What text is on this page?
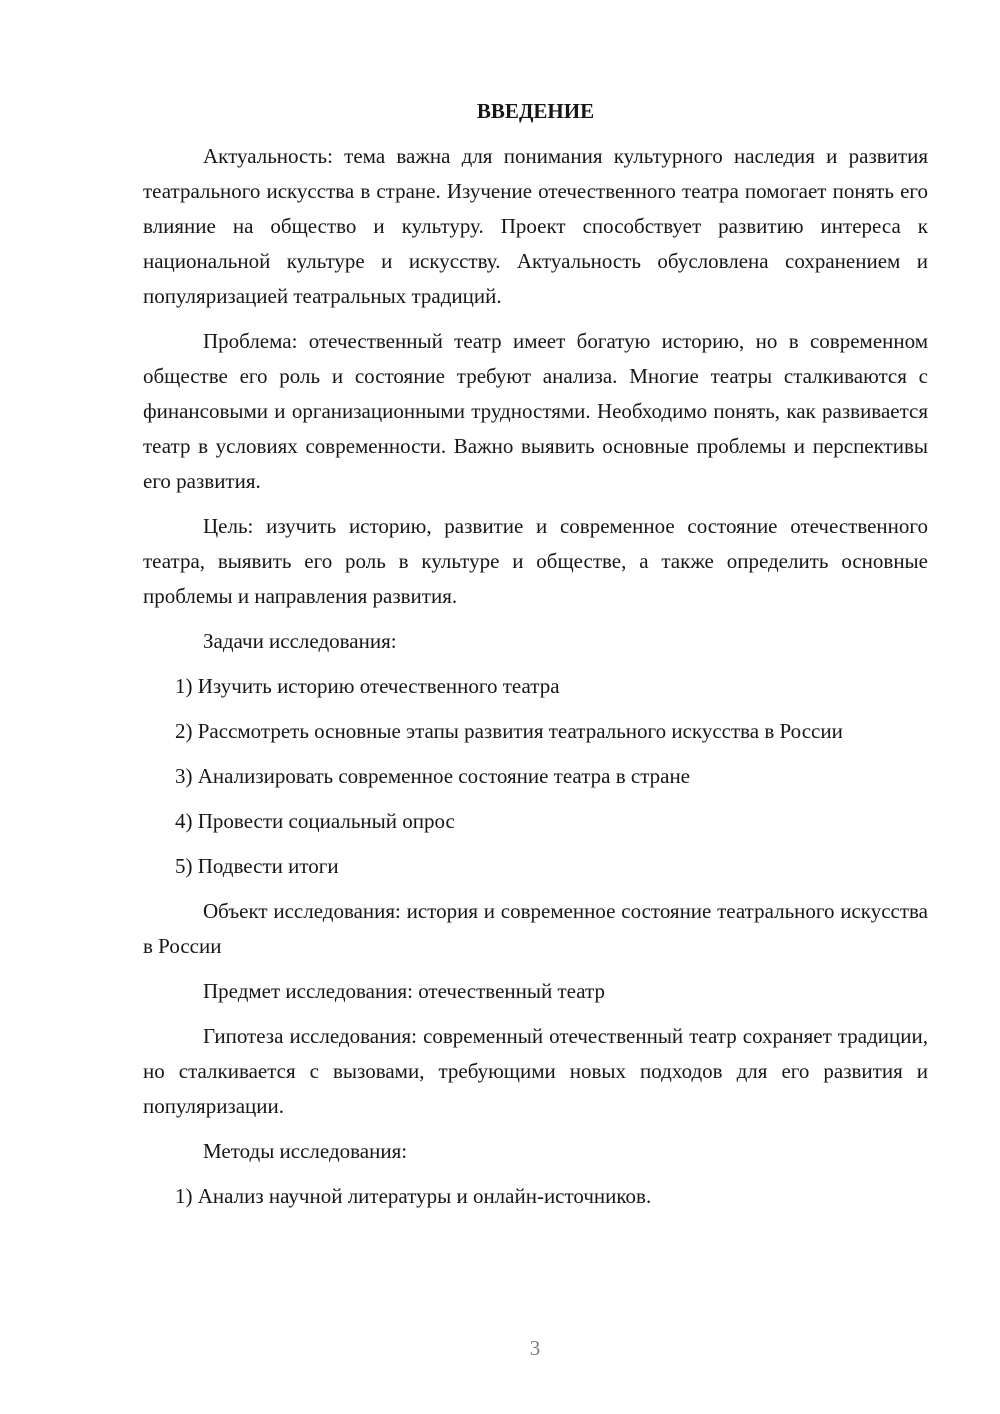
ВВЕДЕНИЕ

Актуальность: тема важна для понимания культурного наследия и развития театрального искусства в стране. Изучение отечественного театра помогает понять его влияние на общество и культуру. Проект способствует развитию интереса к национальной культуре и искусству. Актуальность обусловлена сохранением и популяризацией театральных традиций.

Проблема: отечественный театр имеет богатую историю, но в современном обществе его роль и состояние требуют анализа. Многие театры сталкиваются с финансовыми и организационными трудностями. Необходимо понять, как развивается театр в условиях современности. Важно выявить основные проблемы и перспективы его развития.

Цель: изучить историю, развитие и современное состояние отечественного театра, выявить его роль в культуре и обществе, а также определить основные проблемы и направления развития.

Задачи исследования:

1) Изучить историю отечественного театра

2) Рассмотреть основные этапы развития театрального искусства в России

3) Анализировать современное состояние театра в стране

4) Провести социальный опрос

5) Подвести итоги

Объект исследования: история и современное состояние театрального искусства в России

Предмет исследования: отечественный театр

Гипотеза исследования: современный отечественный театр сохраняет традиции, но сталкивается с вызовами, требующими новых подходов для его развития и популяризации.

Методы исследования:

1) Анализ научной литературы и онлайн-источников.

3
